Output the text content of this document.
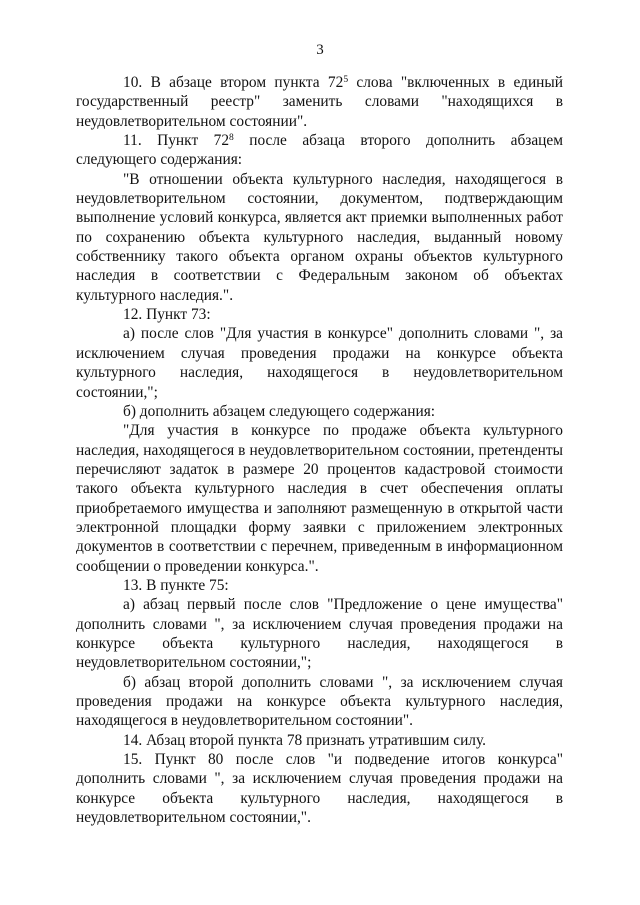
3

10. В абзаце втором пункта $72^5$ слова "включенных в единый государственный реестр" заменить словами "находящихся в неудовлетворительном состоянии".

11. Пункт $72^8$ после абзаца второго дополнить абзацем следующего содержания:

"В отношении объекта культурного наследия, находящегося в неудовлетворительном состоянии, документом, подтверждающим выполнение условий конкурса, является акт приемки выполненных работ по сохранению объекта культурного наследия, выданный новому собственнику такого объекта органом охраны объектов культурного наследия в соответствии с Федеральным законом об объектах культурного наследия.".

12. Пункт 73:

а) после слов "Для участия в конкурсе" дополнить словами ", за исключением случая проведения продажи на конкурсе объекта культурного наследия, находящегося в неудовлетворительном состоянии,";

б) дополнить абзацем следующего содержания:

"Для участия в конкурсе по продаже объекта культурного наследия, находящегося в неудовлетворительном состоянии, претенденты перечисляют задаток в размере 20 процентов кадастровой стоимости такого объекта культурного наследия в счет обеспечения оплаты приобретаемого имущества и заполняют размещенную в открытой части электронной площадки форму заявки с приложением электронных документов в соответствии с перечнем, приведенным в информационном сообщении о проведении конкурса.".

13. В пункте 75:

а) абзац первый после слов "Предложение о цене имущества" дополнить словами ", за исключением случая проведения продажи на конкурсе объекта культурного наследия, находящегося в неудовлетворительном состоянии,";

б) абзац второй дополнить словами ", за исключением случая проведения продажи на конкурсе объекта культурного наследия, находящегося в неудовлетворительном состоянии".

14. Абзац второй пункта 78 признать утратившим силу.

15. Пункт 80 после слов "и подведение итогов конкурса" дополнить словами ", за исключением случая проведения продажи на конкурсе объекта культурного наследия, находящегося в неудовлетворительном состоянии,".
